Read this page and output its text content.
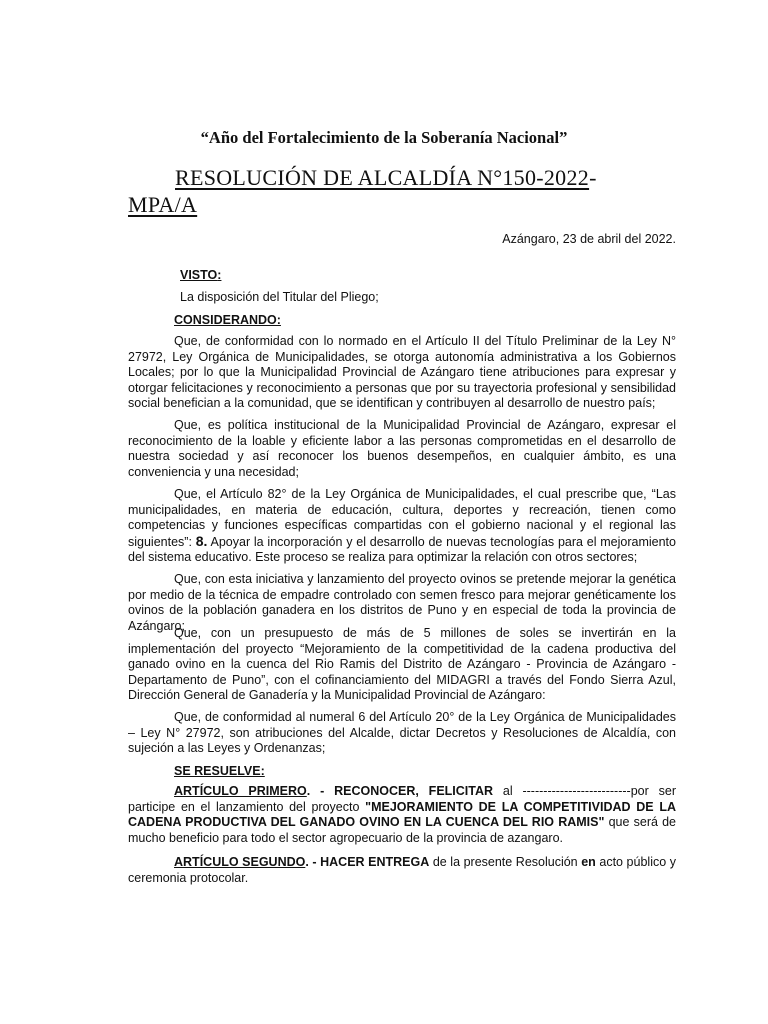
“Año del Fortalecimiento de la Soberanía Nacional”
RESOLUCIÓN DE ALCALDÍA N°150-2022-
MPA/A
Azángaro, 23 de abril del 2022.
VISTO:
La disposición del Titular del Pliego;
CONSIDERANDO:
Que, de conformidad con lo normado en el Artículo II del Título Preliminar de la Ley N° 27972, Ley Orgánica de Municipalidades, se otorga autonomía administrativa a los Gobiernos Locales; por lo que la Municipalidad Provincial de Azángaro tiene atribuciones para expresar y otorgar felicitaciones y reconocimiento a personas que por su trayectoria profesional y sensibilidad social benefician a la comunidad, que se identifican y contribuyen al desarrollo de nuestro país;
Que, es política institucional de la Municipalidad Provincial de Azángaro, expresar el reconocimiento de la loable y eficiente labor a las personas comprometidas en el desarrollo de nuestra sociedad y así reconocer los buenos desempeños, en cualquier ámbito, es una conveniencia y una necesidad;
Que, el Artículo 82° de la Ley Orgánica de Municipalidades, el cual prescribe que, “Las municipalidades, en materia de educación, cultura, deportes y recreación, tienen como competencias y funciones específicas compartidas con el gobierno nacional y el regional las siguientes”: 8. Apoyar la incorporación y el desarrollo de nuevas tecnologías para el mejoramiento del sistema educativo. Este proceso se realiza para optimizar la relación con otros sectores;
Que, con esta iniciativa y lanzamiento del proyecto ovinos se pretende mejorar la genética por medio de la técnica de empadre controlado con semen fresco para mejorar genéticamente los ovinos de la población ganadera en los distritos de Puno y en especial de toda la provincia de Azángaro;
Que, con un presupuesto de más de 5 millones de soles se invertirán en la implementación del proyecto “Mejoramiento de la competitividad de la cadena productiva del ganado ovino en la cuenca del Rio Ramis del Distrito de Azángaro - Provincia de Azángaro - Departamento de Puno”, con el cofinanciamiento del MIDAGRI a través del Fondo Sierra Azul, Dirección General de Ganadería y la Municipalidad Provincial de Azángaro:
Que, de conformidad al numeral 6 del Artículo 20° de la Ley Orgánica de Municipalidades – Ley N° 27972, son atribuciones del Alcalde, dictar Decretos y Resoluciones de Alcaldía, con sujeción a las Leyes y Ordenanzas;
SE RESUELVE:
ARTÍCULO PRIMERO. - RECONOCER, FELICITAR al --------------------------por ser participe en el lanzamiento del proyecto "MEJORAMIENTO DE LA COMPETITIVIDAD DE LA CADENA PRODUCTIVA DEL GANADO OVINO EN LA CUENCA DEL RIO RAMIS" que será de mucho beneficio para todo el sector agropecuario de la provincia de azangaro.
ARTÍCULO SEGUNDO. - HACER ENTREGA de la presente Resolución en acto público y ceremonia protocolar.
